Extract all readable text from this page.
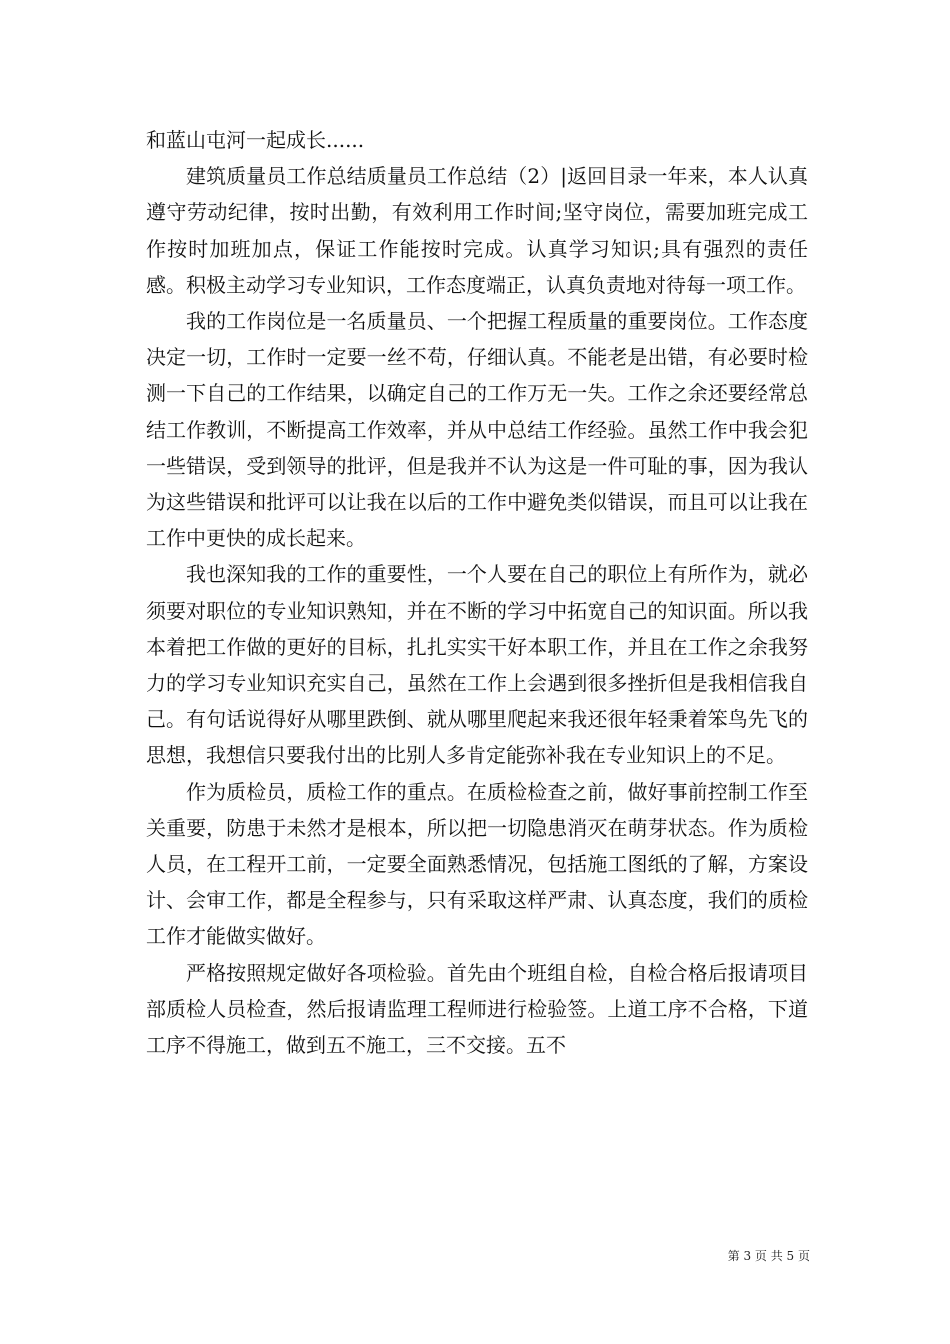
和蓝山屯河一起成长......

建筑质量员工作总结质量员工作总结（2）|返回目录一年来，本人认真遵守劳动纪律，按时出勤，有效利用工作时间;坚守岗位，需要加班完成工作按时加班加点，保证工作能按时完成。认真学习知识;具有强烈的责任感。积极主动学习专业知识，工作态度端正，认真负责地对待每一项工作。

我的工作岗位是一名质量员、一个把握工程质量的重要岗位。工作态度决定一切，工作时一定要一丝不苟，仔细认真。不能老是出错，有必要时检测一下自己的工作结果，以确定自己的工作万无一失。工作之余还要经常总结工作教训，不断提高工作效率，并从中总结工作经验。虽然工作中我会犯一些错误，受到领导的批评，但是我并不认为这是一件可耻的事，因为我认为这些错误和批评可以让我在以后的工作中避免类似错误，而且可以让我在工作中更快的成长起来。

我也深知我的工作的重要性，一个人要在自己的职位上有所作为，就必须要对职位的专业知识熟知，并在不断的学习中拓宽自己的知识面。所以我本着把工作做的更好的目标，扎扎实实干好本职工作，并且在工作之余我努力的学习专业知识充实自己，虽然在工作上会遇到很多挫折但是我相信我自己。有句话说得好从哪里跌倒、就从哪里爬起来我还很年轻秉着笨鸟先飞的思想，我想信只要我付出的比别人多肯定能弥补我在专业知识上的不足。

作为质检员，质检工作的重点。在质检检查之前，做好事前控制工作至关重要，防患于未然才是根本，所以把一切隐患消灭在萌芽状态。作为质检人员，在工程开工前，一定要全面熟悉情况，包括施工图纸的了解，方案设计、会审工作，都是全程参与，只有采取这样严肃、认真态度，我们的质检工作才能做实做好。

严格按照规定做好各项检验。首先由个班组自检，自检合格后报请项目部质检人员检查，然后报请监理工程师进行检验签。上道工序不合格，下道工序不得施工，做到五不施工，三不交接。五不

第 3 页 共 5 页
